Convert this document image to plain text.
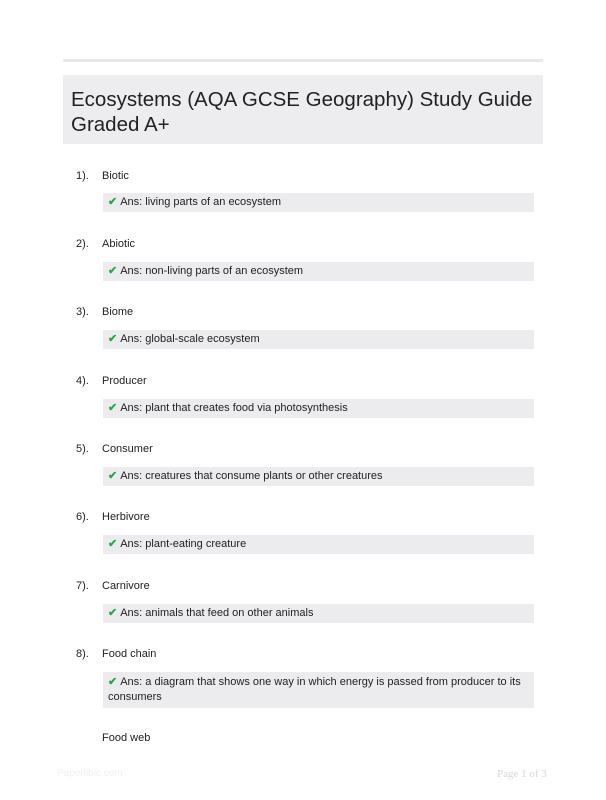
Ecosystems (AQA GCSE Geography) Study Guide Graded A+
1). Biotic
✔ Ans: living parts of an ecosystem
2). Abiotic
✔ Ans: non-living parts of an ecosystem
3). Biome
✔ Ans: global-scale ecosystem
4). Producer
✔ Ans: plant that creates food via photosynthesis
5). Consumer
✔ Ans: creatures that consume plants or other creatures
6). Herbivore
✔ Ans: plant-eating creature
7). Carnivore
✔ Ans: animals that feed on other animals
8). Food chain
✔ Ans: a diagram that shows one way in which energy is passed from producer to its consumers
Food web
Paperlibic.com	Page 1 of 3
